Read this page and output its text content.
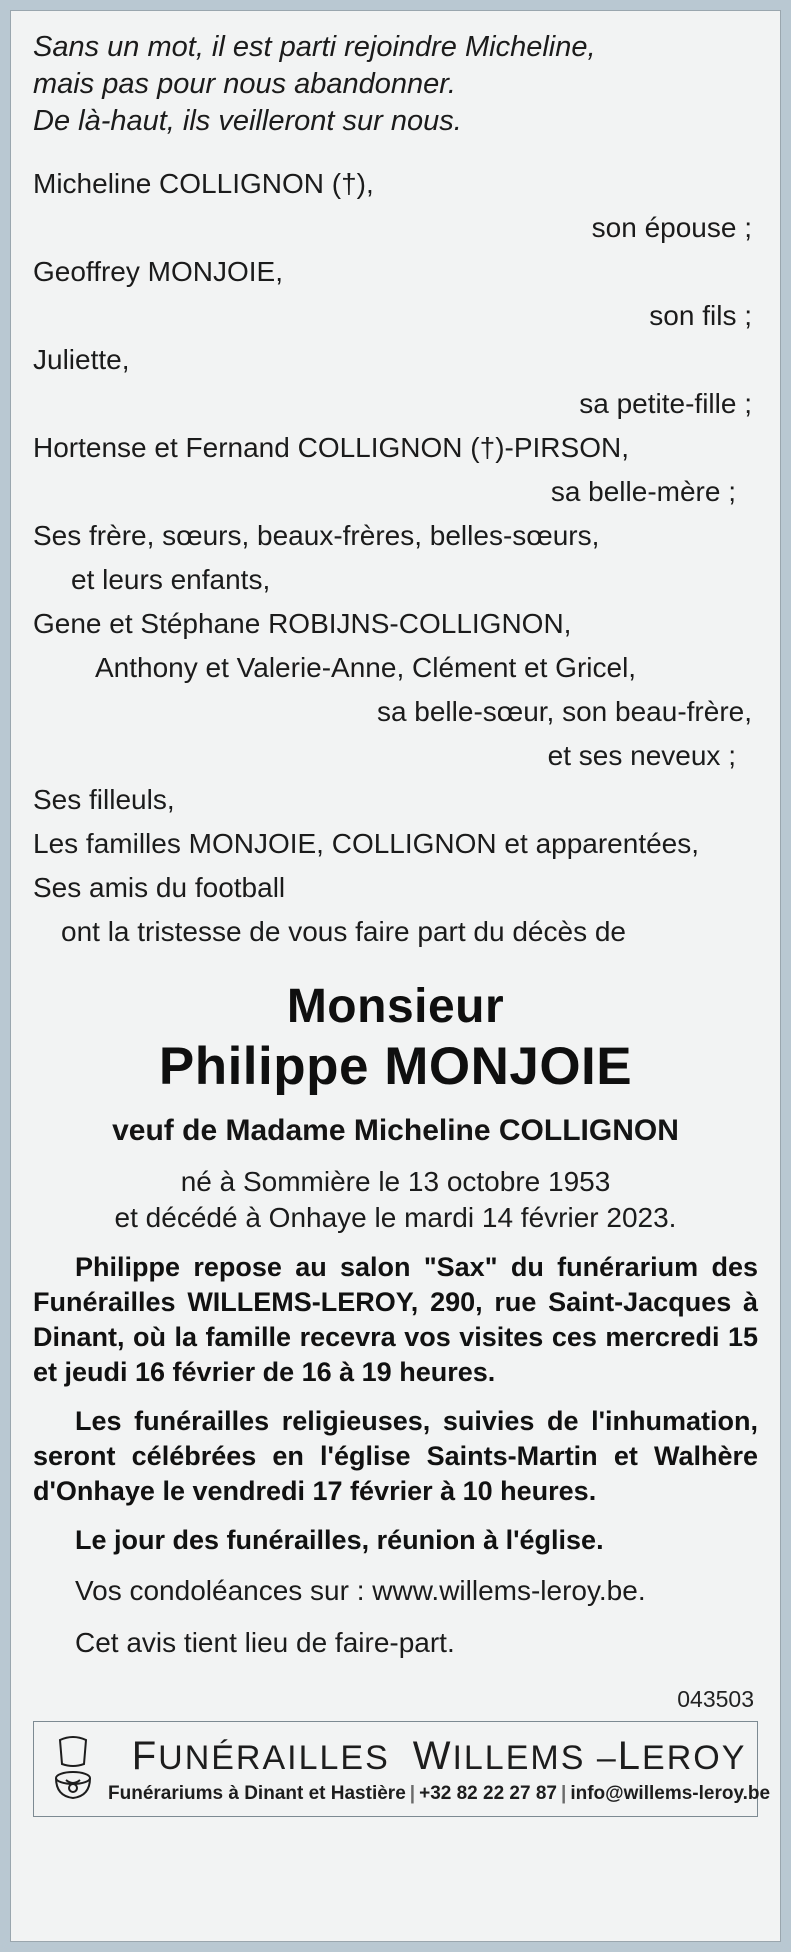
Sans un mot, il est parti rejoindre Micheline,
mais pas pour nous abandonner.
De là-haut, ils veilleront sur nous.
Micheline COLLIGNON (†),
son épouse ;
Geoffrey MONJOIE,
son fils ;
Juliette,
sa petite-fille ;
Hortense et Fernand COLLIGNON (†)-PIRSON,
sa belle-mère ;
Ses frère, sœurs, beaux-frères, belles-sœurs,
et leurs enfants,
Gene et Stéphane ROBIJNS-COLLIGNON,
Anthony et Valerie-Anne, Clément et Gricel,
sa belle-sœur, son beau-frère,
et ses neveux ;
Ses filleuls,
Les familles MONJOIE, COLLIGNON et apparentées,
Ses amis du football
ont la tristesse de vous faire part du décès de
Monsieur
Philippe MONJOIE
veuf de Madame Micheline COLLIGNON
né à Sommière le 13 octobre 1953
et décédé à Onhaye le mardi 14 février 2023.
Philippe repose au salon "Sax" du funérarium des Funérailles WILLEMS-LEROY, 290, rue Saint-Jacques à Dinant, où la famille recevra vos visites ces mercredi 15 et jeudi 16 février de 16 à 19 heures.
Les funérailles religieuses, suivies de l'inhumation, seront célébrées en l'église Saints-Martin et Walhère d'Onhaye le vendredi 17 février à 10 heures.
Le jour des funérailles, réunion à l'église.
Vos condoléances sur : www.willems-leroy.be.
Cet avis tient lieu de faire-part.
043503
FUNÉRAILLES WILLEMS –LEROY
Funérariums à Dinant et Hastière | +32 82 22 27 87 | info@willems-leroy.be
